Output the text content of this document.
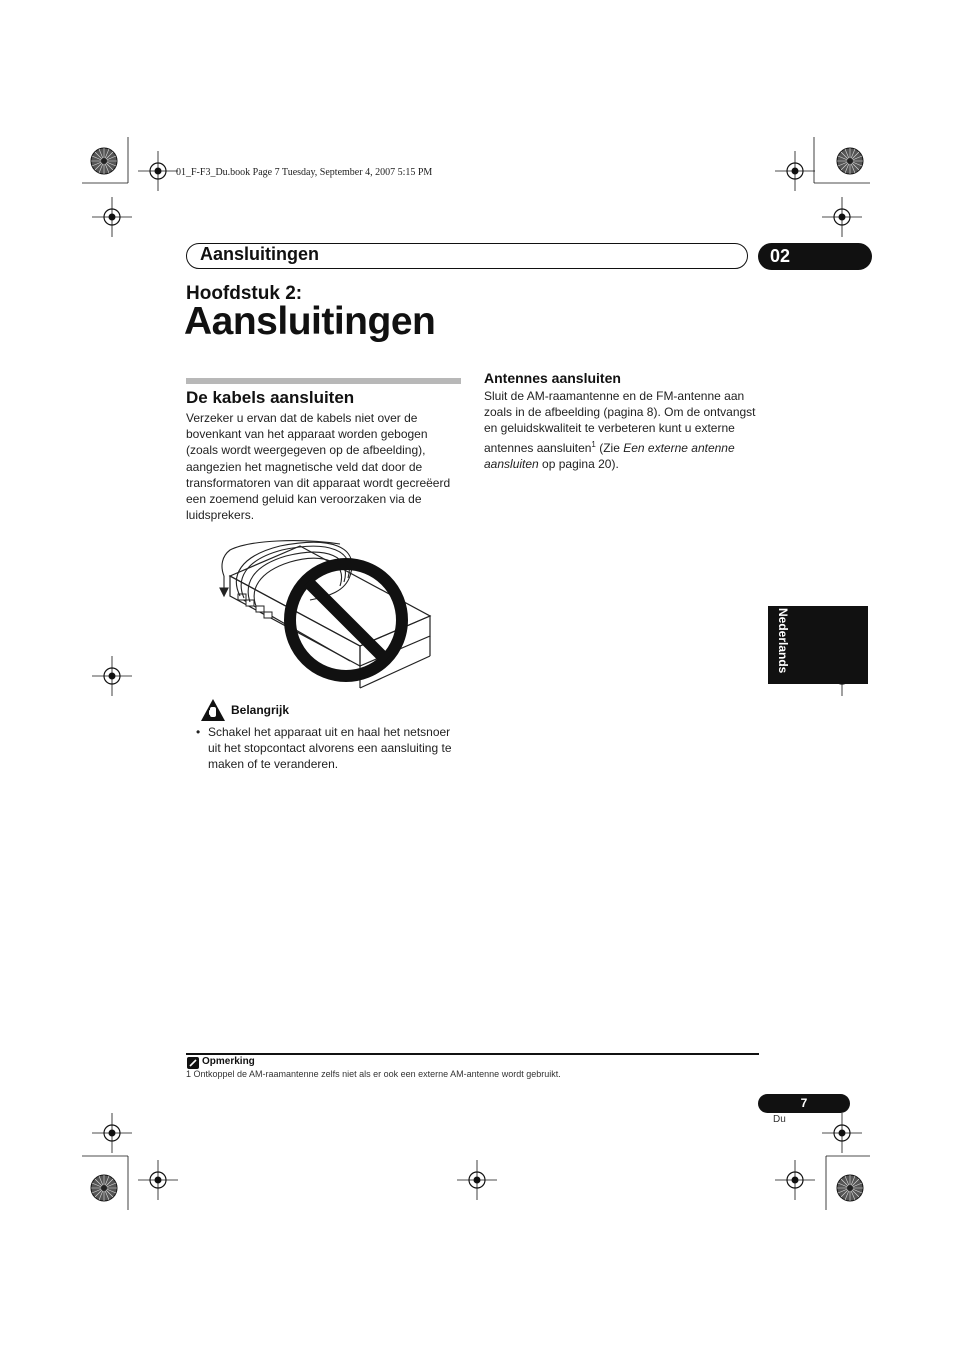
01_F-F3_Du.book Page 7 Tuesday, September 4, 2007 5:15 PM
Aansluitingen	02
Hoofdstuk 2:
Aansluitingen
De kabels aansluiten
Verzeker u ervan dat de kabels niet over de bovenkant van het apparaat worden gebogen (zoals wordt weergegeven op de afbeelding), aangezien het magnetische veld dat door de transformatoren van dit apparaat wordt gecreëerd een zoemend geluid kan veroorzaken via de luidsprekers.
Belangrijk
• Schakel het apparaat uit en haal het netsnoer uit het stopcontact alvorens een aansluiting te maken of te veranderen.
Antennes aansluiten
Sluit de AM-raamantenne en de FM-antenne aan zoals in de afbeelding (pagina 8). Om de ontvangst en geluidskwaliteit te verbeteren kunt u externe antennes aansluiten$^1$ (Zie Een externe antenne aansluiten op pagina 20).
Nederlands
Opmerking
1 Ontkoppel de AM-raamantenne zelfs niet als er ook een externe AM-antenne wordt gebruikt.
7
Du
